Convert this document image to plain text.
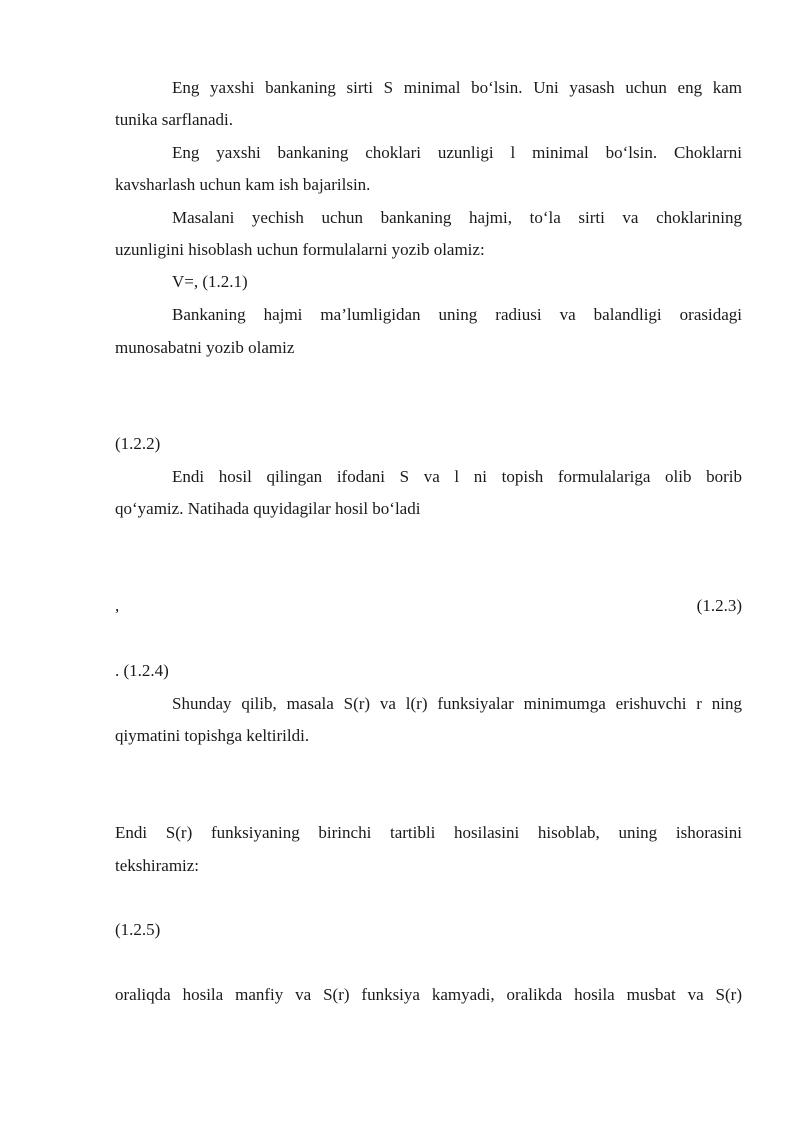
Eng yaxshi bankaning sirti S minimal bo‘lsin. Uni yasash uchun eng kam
tunika sarflanadi.
Eng yaxshi bankaning choklari uzunligi l minimal bo‘lsin. Choklarni
kavsharlash uchun kam ish bajarilsin.
Masalani yechish uchun bankaning hajmi, to‘la sirti va choklarining
uzunligini hisoblash uchun formulalarni yozib olamiz:
V=, (1.2.1)
Bankaning hajmi ma’lumligidan uning radiusi va balandligi orasidagi
munosabatni yozib olamiz
(1.2.2)
Endi hosil qilingan ifodani S va l ni topish formulalariga olib borib
qo‘yamiz. Natihada quyidagilar hosil bo‘ladi
,	(1.2.3)
. (1.2.4)
Shunday qilib, masala S(r) va l(r) funksiyalar minimumga erishuvchi r ning
qiymatini topishga keltirildi.
Endi S(r) funksiyaning birinchi tartibli hosilasini hisoblab, uning ishorasini
tekshiramiz:
(1.2.5)
oraliqda hosila manfiy va S(r) funksiya kamyadi, oralikda hosila musbat va S(r)
